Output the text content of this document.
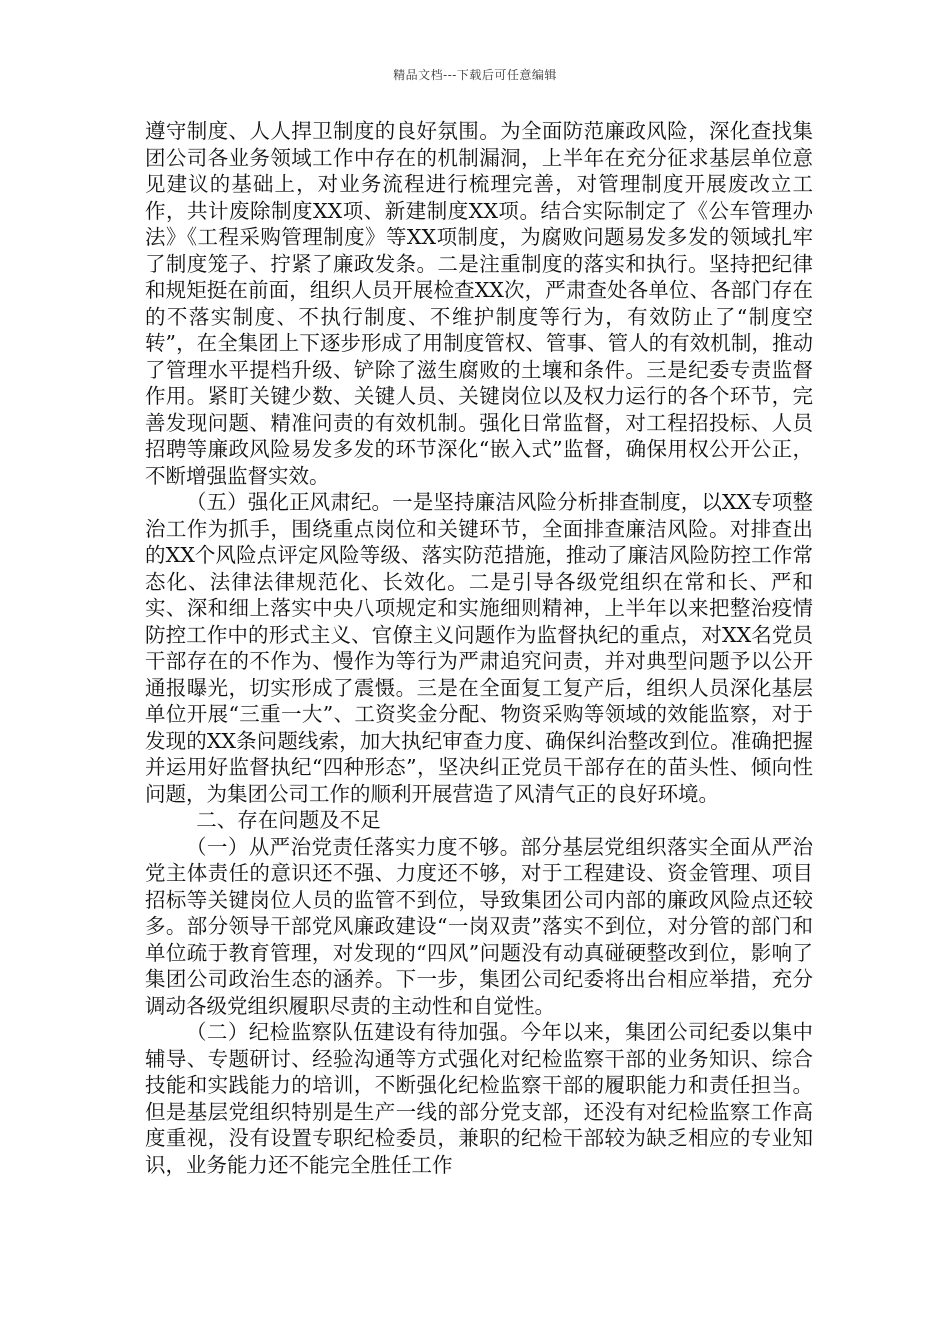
精品文档---下载后可任意编辑

遵守制度、人人捍卫制度的良好氛围。为全面防范廉政风险，深化查找集团公司各业务领域工作中存在的机制漏洞，上半年在充分征求基层单位意见建议的基础上，对业务流程进行梳理完善，对管理制度开展废改立工作，共计废除制度XX项、新建制度XX项。结合实际制定了《公车管理办法》《工程采购管理制度》等XX项制度，为腐败问题易发多发的领域扎牢了制度笼子、拧紧了廉政发条。二是注重制度的落实和执行。坚持把纪律和规矩挺在前面，组织人员开展检查XX次，严肃查处各单位、各部门存在的不落实制度、不执行制度、不维护制度等行为，有效防止了“制度空转”，在全集团上下逐步形成了用制度管权、管事、管人的有效机制，推动了管理水平提档升级、铲除了滋生腐败的土壤和条件。三是纪委专责监督作用。紧盯关键少数、关键人员、关键岗位以及权力运行的各个环节，完善发现问题、精准问责的有效机制。强化日常监督，对工程招投标、人员招聘等廉政风险易发多发的环节深化“嵌入式”监督，确保用权公开公正，不断增强监督实效。

（五）强化正风肃纪。一是坚持廉洁风险分析排查制度，以XX专项整治工作为抓手，围绕重点岗位和关键环节，全面排查廉洁风险。对排查出的XX个风险点评定风险等级、落实防范措施，推动了廉洁风险防控工作常态化、法律法律规范化、长效化。二是引导各级党组织在常和长、严和实、深和细上落实中央八项规定和实施细则精神，上半年以来把整治疫情防控工作中的形式主义、官僚主义问题作为监督执纪的重点，对XX名党员干部存在的不作为、慢作为等行为严肃追究问责，并对典型问题予以公开通报曝光，切实形成了震慑。三是在全面复工复产后，组织人员深化基层单位开展“三重一大”、工资奖金分配、物资采购等领域的效能监察，对于发现的XX条问题线索，加大执纪审查力度、确保纠治整改到位。准确把握并运用好监督执纪“四种形态”，坚决纠正党员干部存在的苗头性、倾向性问题，为集团公司工作的顺利开展营造了风清气正的良好环境。

二、存在问题及不足

（一）从严治党责任落实力度不够。部分基层党组织落实全面从严治党主体责任的意识还不强、力度还不够，对于工程建设、资金管理、项目招标等关键岗位人员的监管不到位，导致集团公司内部的廉政风险点还较多。部分领导干部党风廉政建设“一岗双责”落实不到位，对分管的部门和单位疏于教育管理，对发现的“四风”问题没有动真碰硬整改到位，影响了集团公司政治生态的涵养。下一步，集团公司纪委将出台相应举措，充分调动各级党组织履职尽责的主动性和自觉性。

（二）纪检监察队伍建设有待加强。今年以来，集团公司纪委以集中辅导、专题研讨、经验沟通等方式强化对纪检监察干部的业务知识、综合技能和实践能力的培训，不断强化纪检监察干部的履职能力和责任担当。但是基层党组织特别是生产一线的部分党支部，还没有对纪检监察工作高度重视，没有设置专职纪检委员，兼职的纪检干部较为缺乏相应的专业知识，业务能力还不能完全胜任工作
